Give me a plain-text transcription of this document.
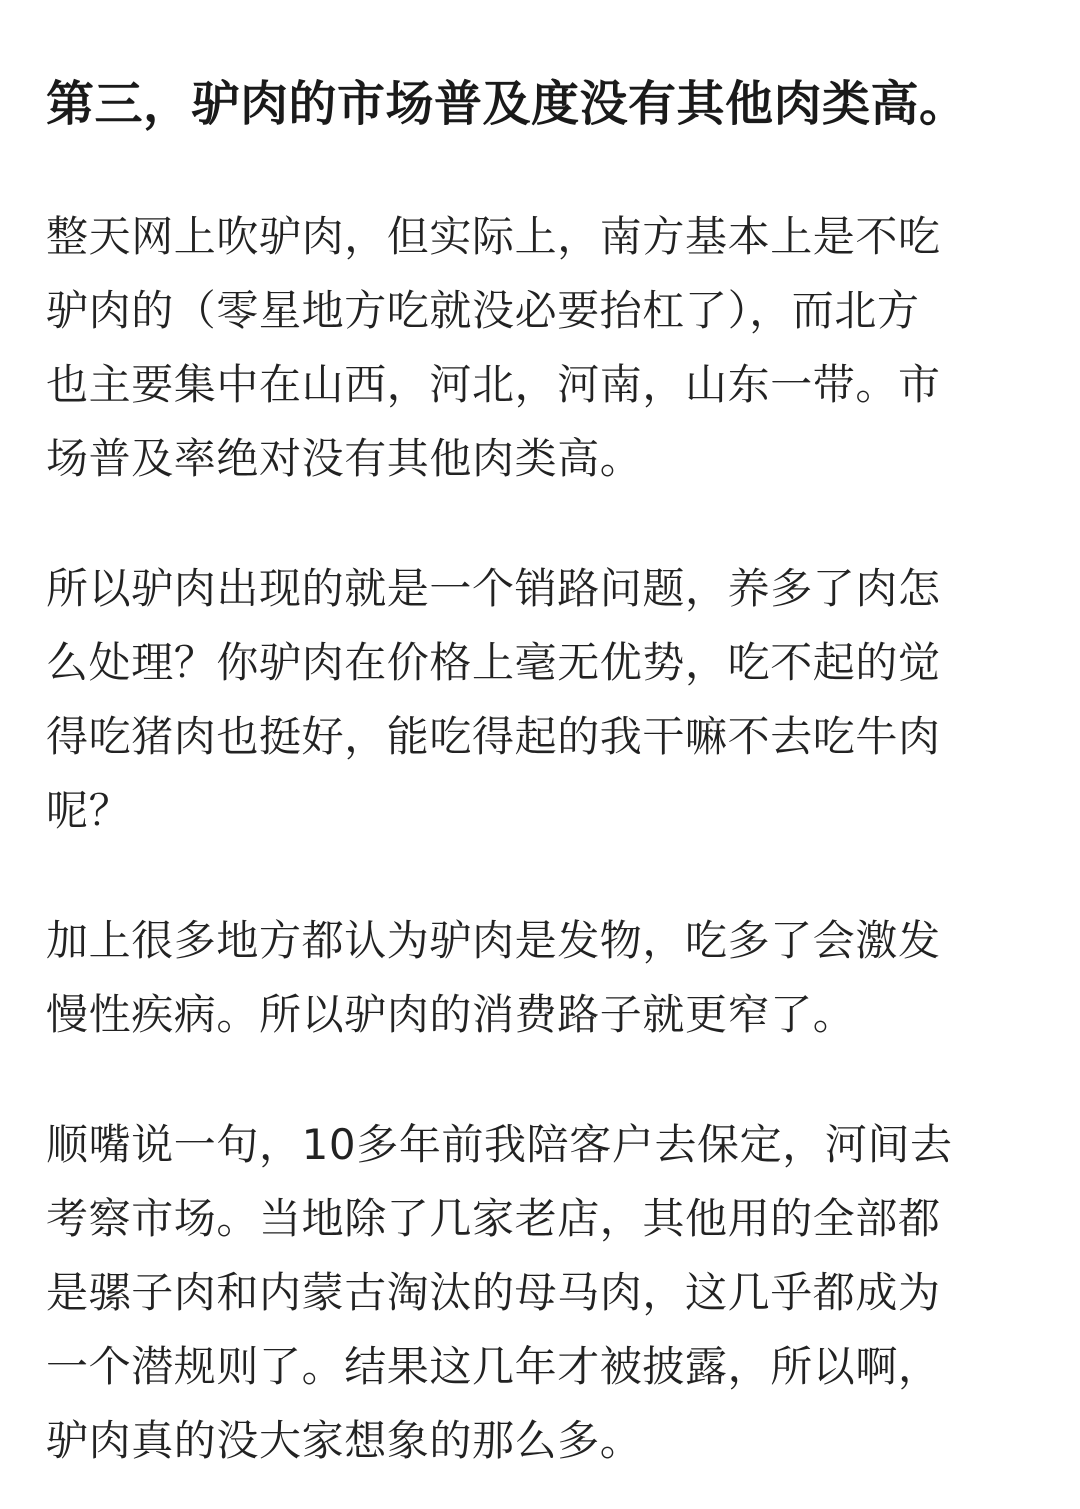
第三，驴肉的市场普及度没有其他肉类高。

整天网上吹驴肉，但实际上，南方基本上是不吃
驴肉的（零星地方吃就没必要抬杠了），而北方
也主要集中在山西，河北，河南，山东一带。市
场普及率绝对没有其他肉类高。

所以驴肉出现的就是一个销路问题，养多了肉怎
么处理？你驴肉在价格上毫无优势，吃不起的觉
得吃猪肉也挺好，能吃得起的我干嘛不去吃牛肉
呢？

加上很多地方都认为驴肉是发物，吃多了会激发
慢性疾病。所以驴肉的消费路子就更窄了。

顺嘴说一句，10多年前我陪客户去保定，河间去
考察市场。当地除了几家老店，其他用的全部都
是骡子肉和内蒙古淘汰的母马肉，这几乎都成为
一个潜规则了。结果这几年才被披露，所以啊，
驴肉真的没大家想象的那么多。
